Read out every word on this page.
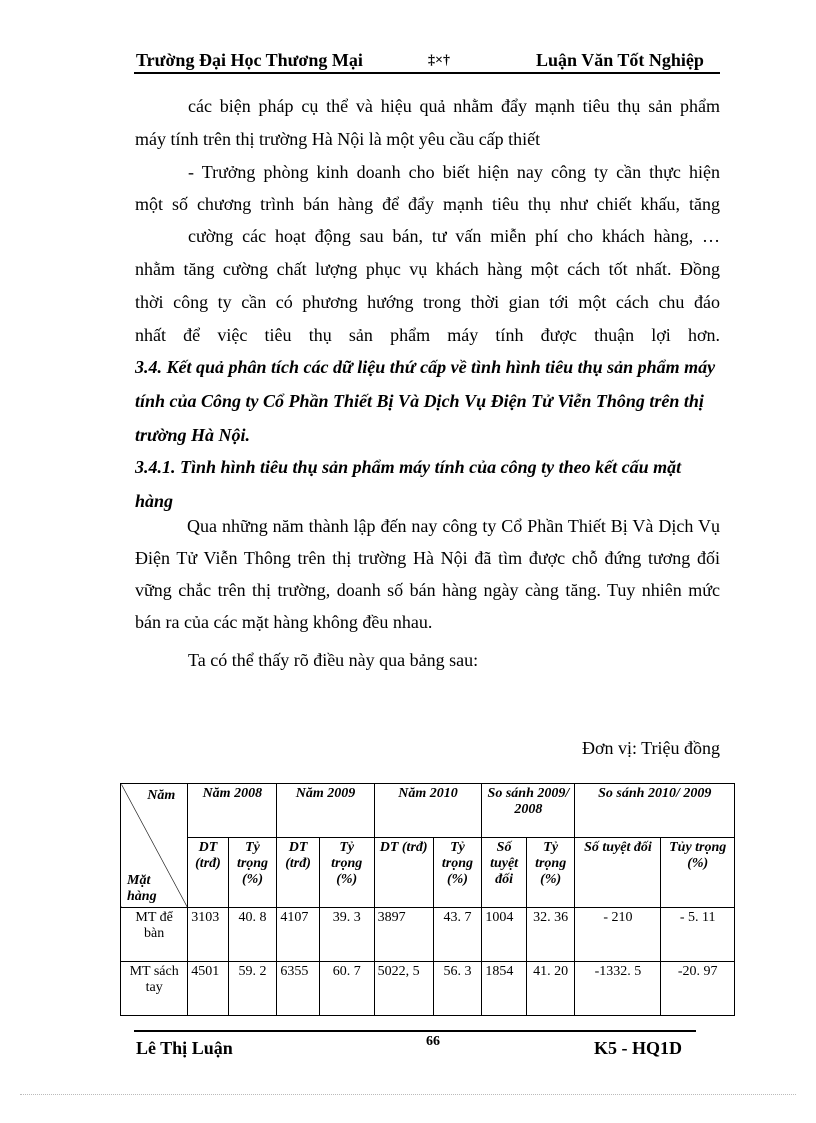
Trường Đại Học Thương Mại	‡×†	Luận Văn Tốt Nghiệp

các biện pháp cụ thể và hiệu quả nhằm đẩy mạnh tiêu thụ sản phẩm

máy tính trên thị trường Hà Nội là một yêu cầu cấp thiết

- Trưởng phòng kinh doanh cho biết hiện nay công ty cần thực hiện

một số chương trình bán hàng để đẩy mạnh tiêu thụ như chiết khấu, tăng

cường các hoạt động sau bán, tư vấn miễn phí cho khách hàng, …

nhằm tăng cường chất lượng phục vụ khách hàng một cách tốt nhất. Đồng

thời công ty cần có phương hướng trong thời gian tới một cách chu đáo

nhất để việc tiêu thụ sản phẩm máy tính được thuận lợi hơn.

3.4. Kết quả phân tích các dữ liệu thứ cấp về tình hình tiêu thụ sản phẩm máy tính của Công ty Cổ Phần Thiết Bị Và Dịch Vụ Điện Tử Viễn Thông trên thị trường Hà Nội.

3.4.1. Tình hình tiêu thụ sản phẩm máy tính của công ty theo kết cấu mặt hàng

Qua những năm thành lập đến nay công ty Cổ Phần Thiết Bị Và Dịch Vụ Điện Tử Viễn Thông trên thị trường Hà Nội đã tìm được chỗ đứng tương đối vững chắc trên thị trường, doanh số bán hàng ngày càng tăng. Tuy nhiên mức bán ra của các mặt hàng không đều nhau.

Ta có thể thấy rõ điều này qua bảng sau:

Đơn vị: Triệu đồng
Năm
Mặt hàng	Năm 2008		Năm 2009		Năm 2010		So sánh 2009/ 2008		So sánh 2010/ 2009	
	DT (trđ)	Tỷ trọng (%)	DT (trđ)	Tỷ trọng (%)	DT (trđ)	Tỷ trọng (%)	Số tuyệt đối	Tỷ trọng (%)	Số tuyệt đối	Tủy trọng (%)
MT để bàn	3103	40. 8	4107	39. 3	3897	43. 7	1004	32. 36	- 210	- 5. 11
MT sách tay	4501	59. 2	6355	60. 7	5022, 5	56. 3	1854	41. 20	-1332. 5	-20. 97
Lê Thị Luận	66	K5 - HQ1D
